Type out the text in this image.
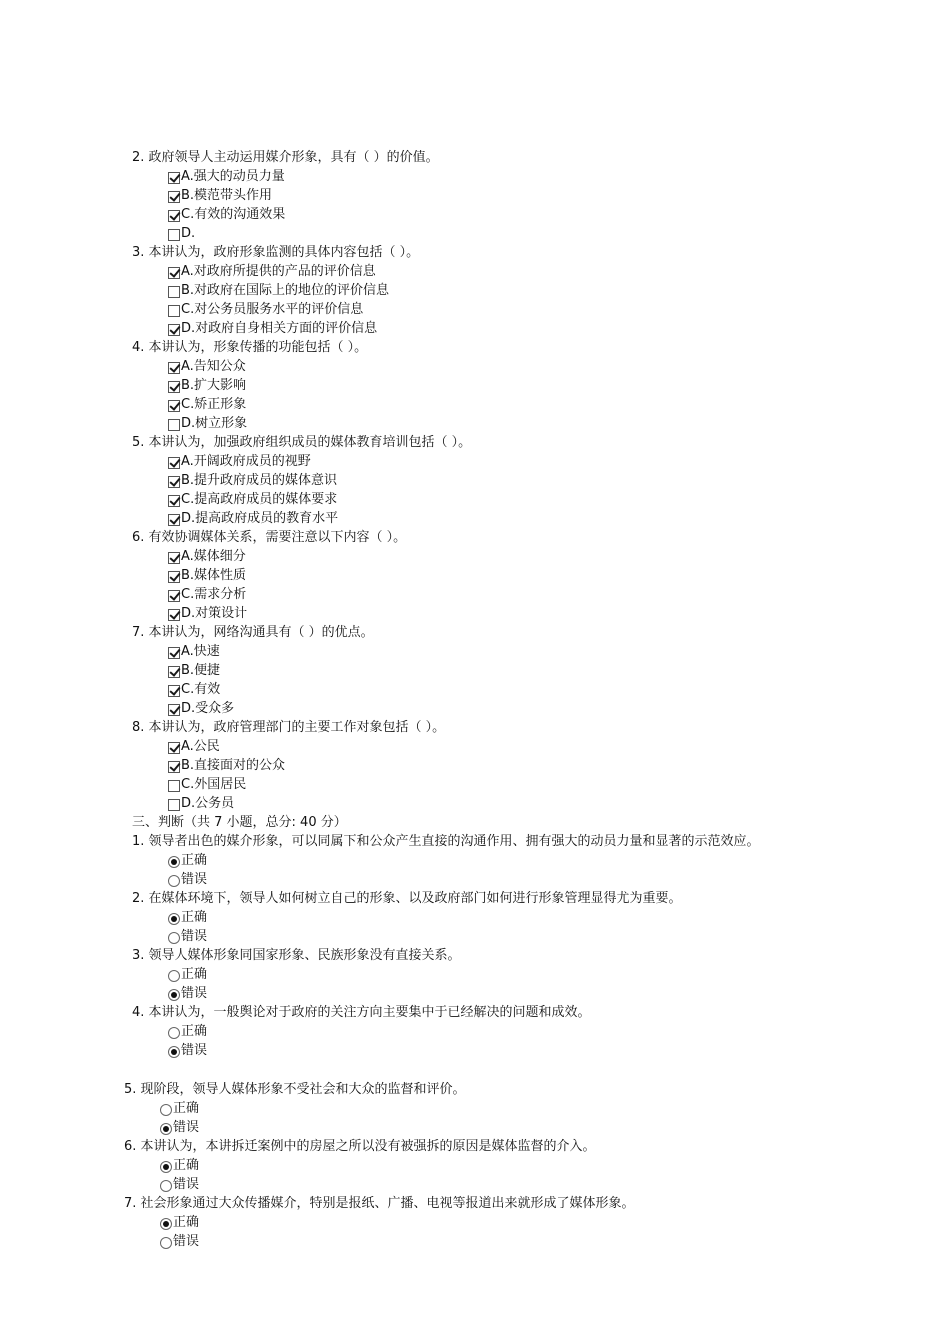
2. 政府领导人主动运用媒介形象，具有（ ）的价值。
A.强大的动员力量
B.模范带头作用
C.有效的沟通效果
D.
3. 本讲认为，政府形象监测的具体内容包括（ ）。
A.对政府所提供的产品的评价信息
B.对政府在国际上的地位的评价信息
C.对公务员服务水平的评价信息
D.对政府自身相关方面的评价信息
4. 本讲认为，形象传播的功能包括（ ）。
A.告知公众
B.扩大影响
C.矫正形象
D.树立形象
5. 本讲认为，加强政府组织成员的媒体教育培训包括（ ）。
A.开阔政府成员的视野
B.提升政府成员的媒体意识
C.提高政府成员的媒体要求
D.提高政府成员的教育水平
6. 有效协调媒体关系，需要注意以下内容（ ）。
A.媒体细分
B.媒体性质
C.需求分析
D.对策设计
7. 本讲认为，网络沟通具有（ ）的优点。
A.快速
B.便捷
C.有效
D.受众多
8. 本讲认为，政府管理部门的主要工作对象包括（ ）。
A.公民
B.直接面对的公众
C.外国居民
D.公务员
三、判断（共 7 小题，总分: 40 分）
1. 领导者出色的媒介形象，可以同属下和公众产生直接的沟通作用、拥有强大的动员力量和显著的示范效应。
正确
错误
2. 在媒体环境下，领导人如何树立自己的形象、以及政府部门如何进行形象管理显得尤为重要。
正确
错误
3. 领导人媒体形象同国家形象、民族形象没有直接关系。
正确
错误
4. 本讲认为，一般舆论对于政府的关注方向主要集中于已经解决的问题和成效。
正确
错误
5. 现阶段，领导人媒体形象不受社会和大众的监督和评价。
正确
错误
6. 本讲认为，本讲拆迁案例中的房屋之所以没有被强拆的原因是媒体监督的介入。
正确
错误
7. 社会形象通过大众传播媒介，特别是报纸、广播、电视等报道出来就形成了媒体形象。
正确
错误
